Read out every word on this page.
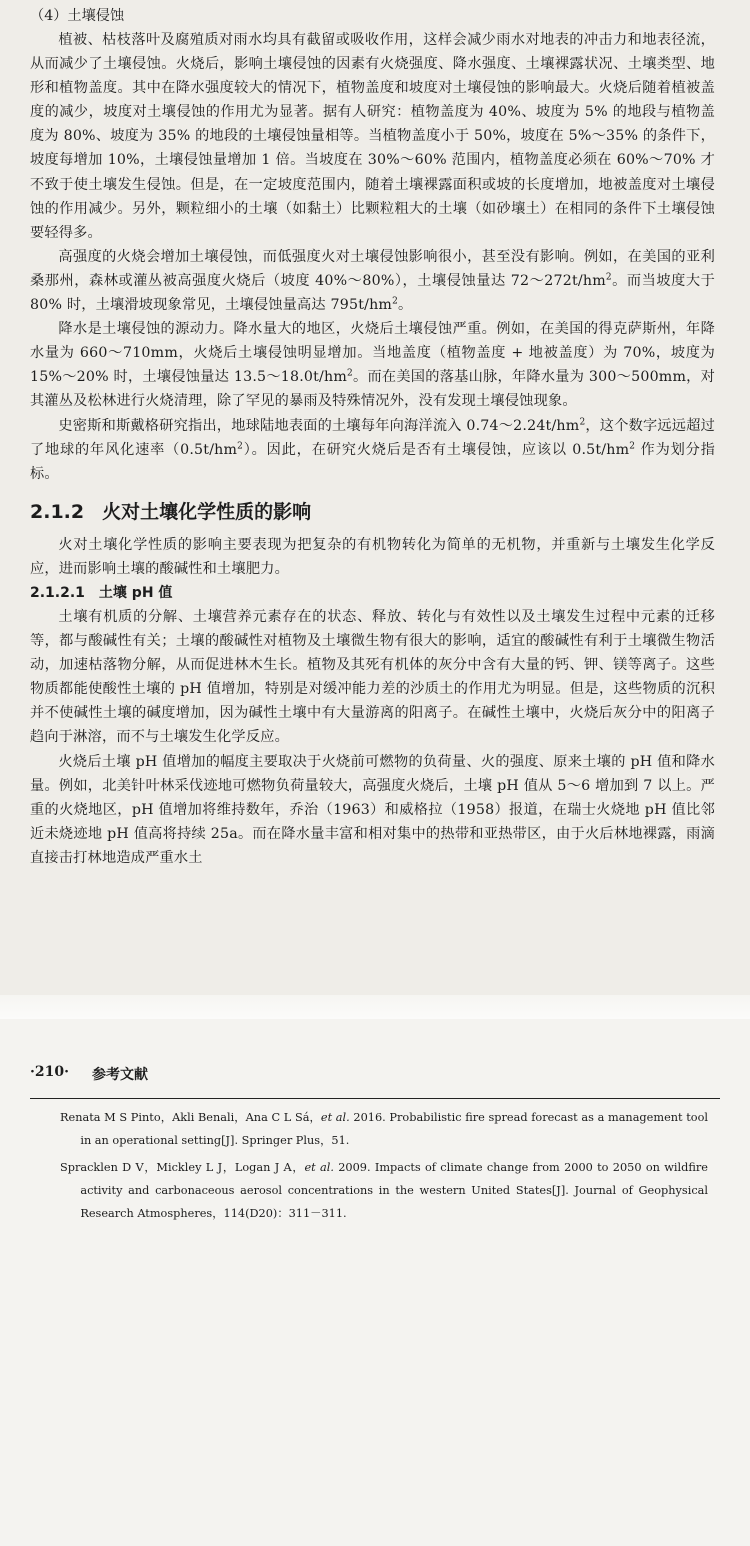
（4）土壤侵蚀

植被、枯枝落叶及腐殖质对雨水均具有截留或吸收作用，这样会减少雨水对地表的冲击力和地表径流，从而减少了土壤侵蚀。火烧后，影响土壤侵蚀的因素有火烧强度、降水强度、土壤裸露状况、土壤类型、地形和植物盖度。其中在降水强度较大的情况下，植物盖度和坡度对土壤侵蚀的影响最大。火烧后随着植被盖度的减少，坡度对土壤侵蚀的作用尤为显著。据有人研究：植物盖度为 40%、坡度为 5% 的地段与植物盖度为 80%、坡度为 35% 的地段的土壤侵蚀量相等。当植物盖度小于 50%，坡度在 5%～35% 的条件下，坡度每增加 10%，土壤侵蚀量增加 1 倍。当坡度在 30%～60% 范围内，植物盖度必须在 60%～70% 才不致于使土壤发生侵蚀。但是，在一定坡度范围内，随着土壤裸露面积或坡的长度增加，地被盖度对土壤侵蚀的作用减少。另外，颗粒细小的土壤（如黏土）比颗粒粗大的土壤（如砂壤土）在相同的条件下土壤侵蚀要轻得多。

高强度的火烧会增加土壤侵蚀，而低强度火对土壤侵蚀影响很小，甚至没有影响。例如，在美国的亚利桑那州，森林或灌丛被高强度火烧后（坡度 40%～80%），土壤侵蚀量达 $72\sim 272t/hm^2$。而当坡度大于 80% 时，土壤滑坡现象常见，土壤侵蚀量高达 $795t/hm^2$。

降水是土壤侵蚀的源动力。降水量大的地区，火烧后土壤侵蚀严重。例如，在美国的得克萨斯州，年降水量为 660～710mm，火烧后土壤侵蚀明显增加。当地盖度（植物盖度 + 地被盖度）为 70%，坡度为 15%～20% 时，土壤侵蚀量达 $13.5\sim 18.0t/hm^2$。而在美国的落基山脉，年降水量为 300～500mm，对其灌丛及松林进行火烧清理，除了罕见的暴雨及特殊情况外，没有发现土壤侵蚀现象。

史密斯和斯戴格研究指出，地球陆地表面的土壤每年向海洋流入 $0.74\sim 2.24t/hm^2$，这个数字远远超过了地球的年风化速率$(0.5t/hm^2)$。因此，在研究火烧后是否有土壤侵蚀，应该以 $0.5t/hm^2$ 作为划分指标。

2.1.2 火对土壤化学性质的影响

火对土壤化学性质的影响主要表现为把复杂的有机物转化为简单的无机物，并重新与土壤发生化学反应，进而影响土壤的酸碱性和土壤肥力。

2.1.2.1 土壤 pH 值

土壤有机质的分解、土壤营养元素存在的状态、释放、转化与有效性以及土壤发生过程中元素的迁移等，都与酸碱性有关；土壤的酸碱性对植物及土壤微生物有很大的影响，适宜的酸碱性有利于土壤微生物活动，加速枯落物分解，从而促进林木生长。植物及其死有机体的灰分中含有大量的钙、钾、镁等离子。这些物质都能使酸性土壤的 pH 值增加，特别是对缓冲能力差的沙质土的作用尤为明显。但是，这些物质的沉积并不使碱性土壤的碱度增加，因为碱性土壤中有大量游离的阳离子。在碱性土壤中，火烧后灰分中的阳离子趋向于淋溶，而不与土壤发生化学反应。

火烧后土壤 pH 值增加的幅度主要取决于火烧前可燃物的负荷量、火的强度、原来土壤的 pH 值和降水量。例如，北美针叶林采伐迹地可燃物负荷量较大，高强度火烧后，土壤 pH 值从 5～6 增加到 7 以上。严重的火烧地区，pH 值增加将维持数年，乔治（1963）和威格拉（1958）报道，在瑞士火烧地 pH 值比邻近未烧迹地 pH 值高将持续 25a。而在降水量丰富和相对集中的热带和亚热带区，由于火后林地裸露，雨滴直接击打林地造成严重水土

·210· 参考文献

Renata M S Pinto，Akli Benali，Ana C L Sá，et al. 2016. Probabilistic fire spread forecast as a management tool in an operational setting[J]. Springer Plus，51.

Spracklen D V，Mickley L J，Logan J A，et al. 2009. Impacts of climate change from 2000 to 2050 on wildfire activity and carbonaceous aerosol concentrations in the western United States[J]. Journal of Geophysical Research Atmospheres，114(D20)：311－311.
